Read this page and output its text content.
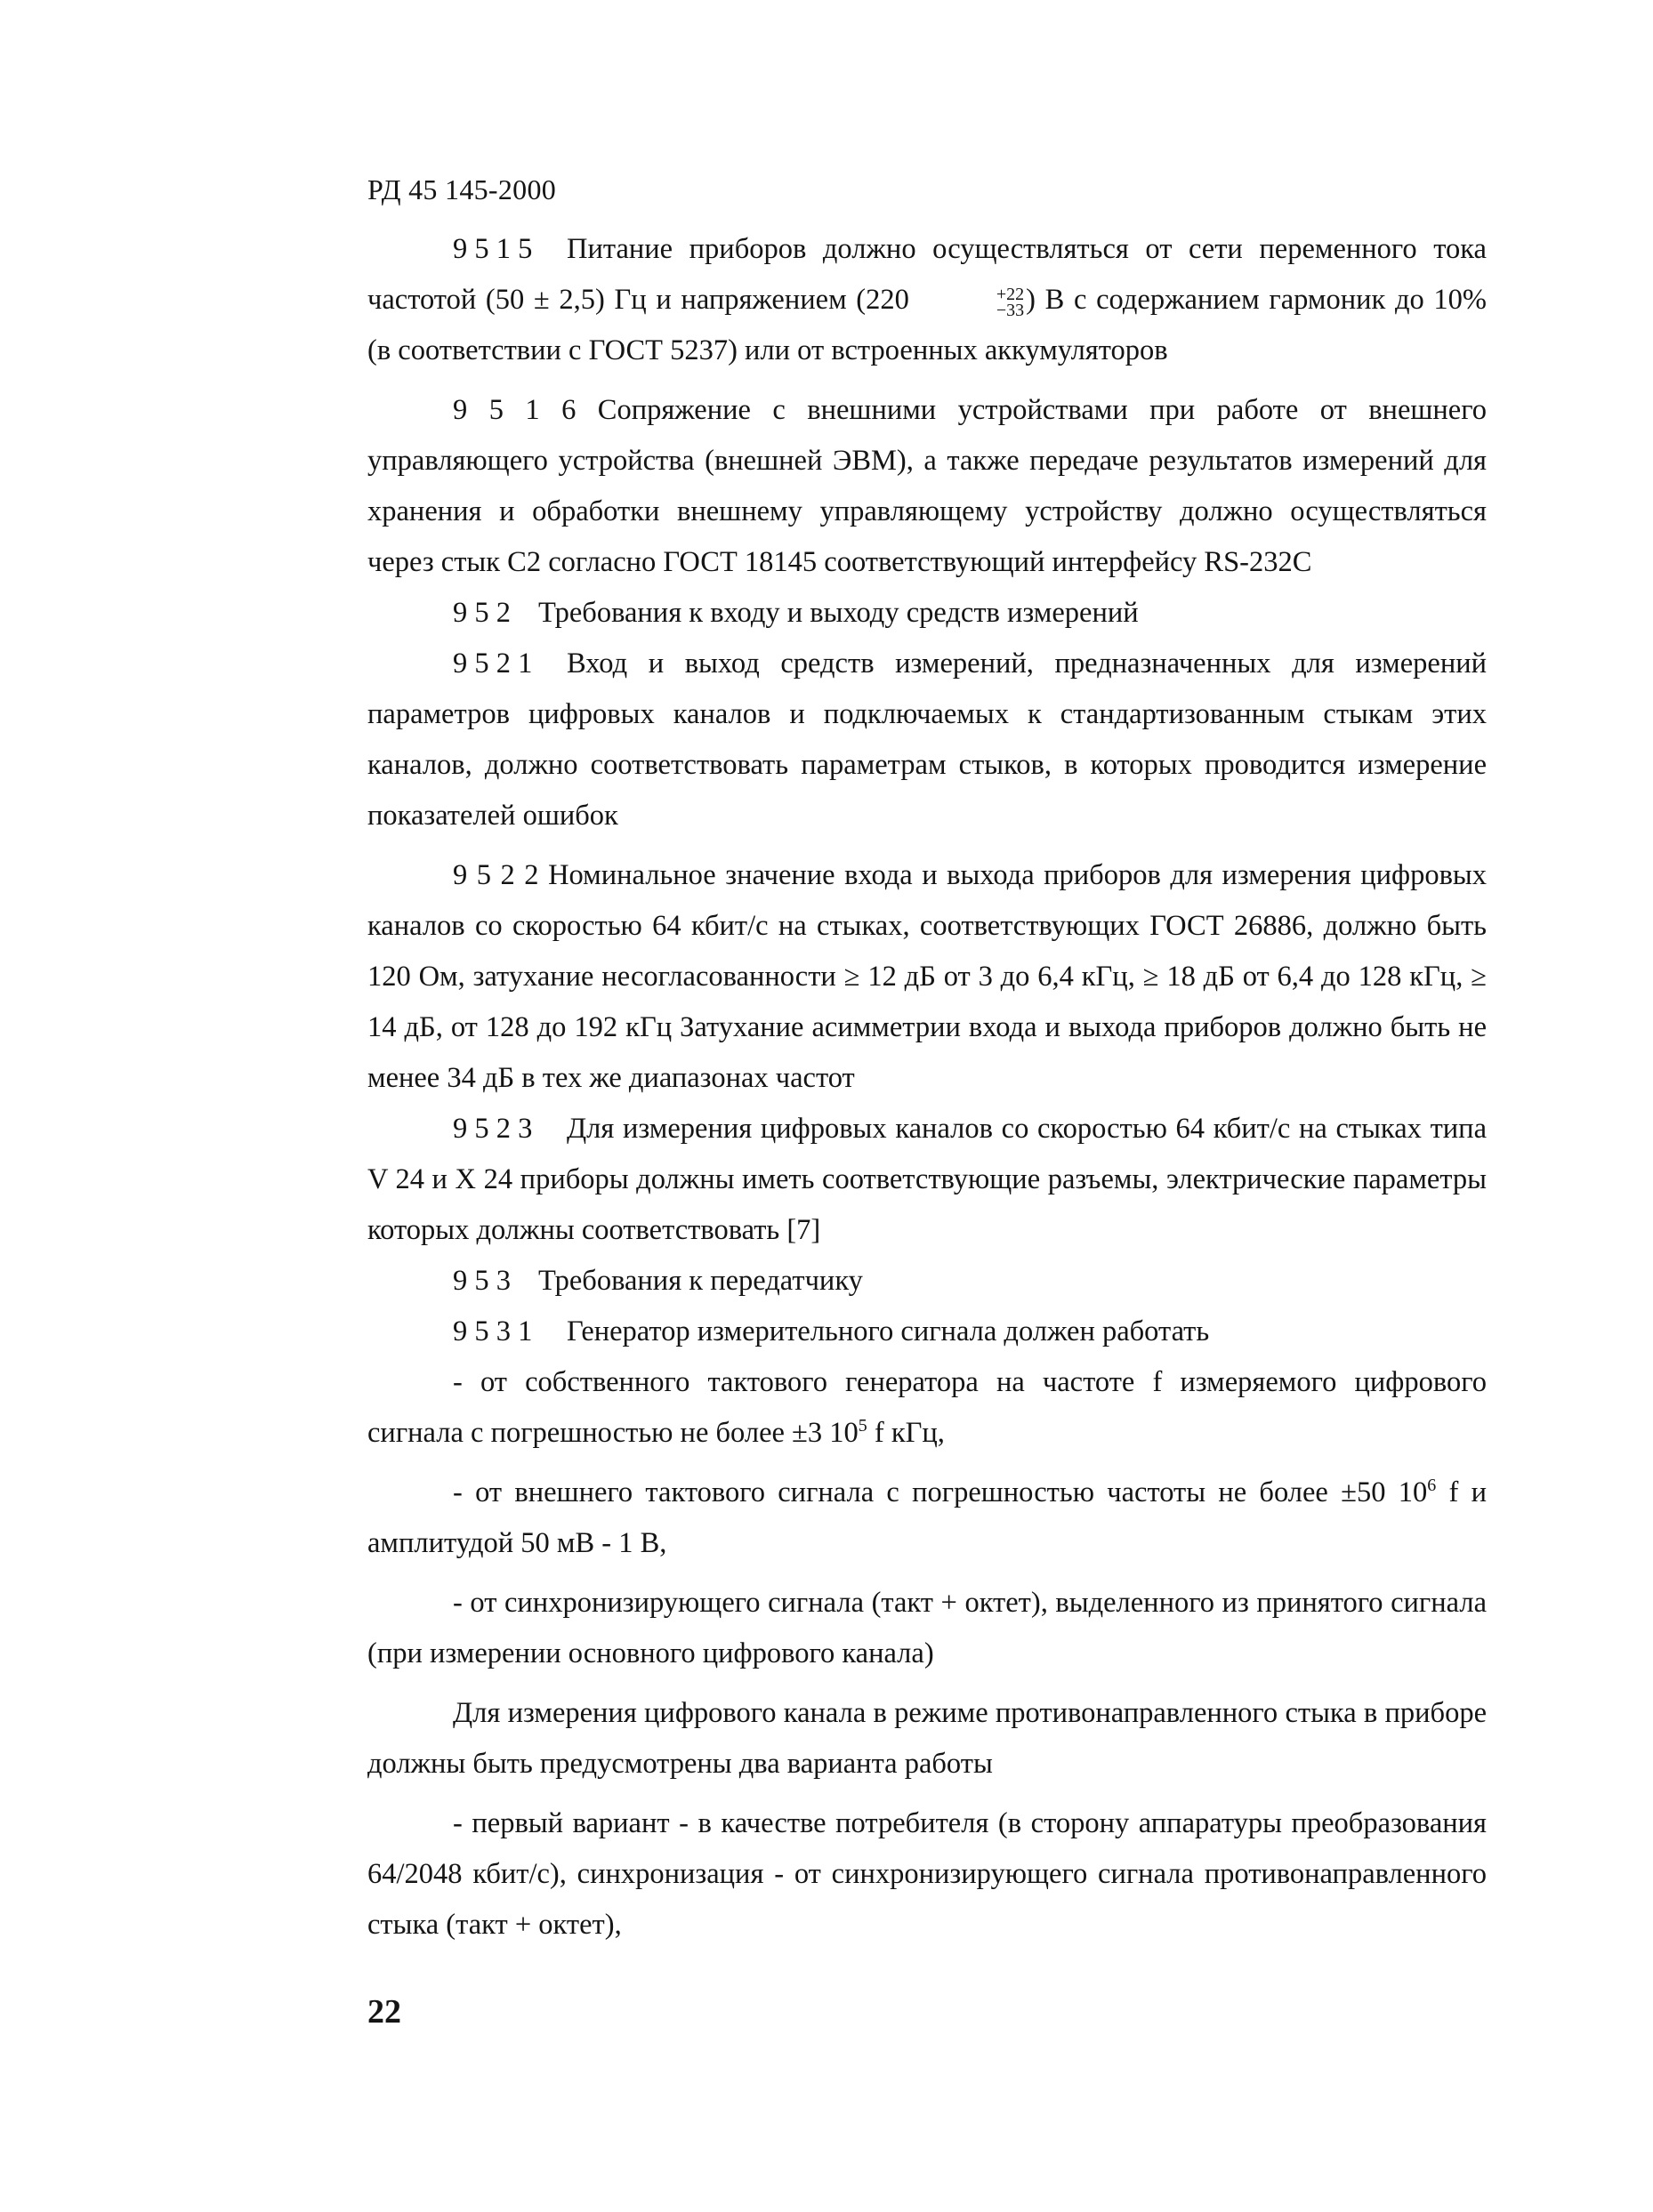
РД 45 145-2000

9 5 1 5 Питание приборов должно осуществляться от сети переменного тока частотой (50 ± 2,5) Гц и напряжением (220	+22
−33 ) В с содержанием гармоник до 10% (в соответствии с ГОСТ 5237) или от встроенных аккумуляторов

9 5 1 6 Сопряжение с внешними устройствами при работе от внешнего управляющего устройства (внешней ЭВМ), а также передаче результатов измерений для хранения и обработки внешнему управляющему устройству должно осуществляться через стык С2 согласно ГОСТ 18145 соответствующий интерфейсу RS-232C

9 5 2 Требования к входу и выходу средств измерений

9 5 2 1 Вход и выход средств измерений, предназначенных для измерений параметров цифровых каналов и подключаемых к стандартизованным стыкам этих каналов, должно соответствовать параметрам стыков, в которых проводится измерение показателей ошибок

9 5 2 2 Номинальное значение входа и выхода приборов для измерения цифровых каналов со скоростью 64 кбит/с на стыках, соответствующих ГОСТ 26886, должно быть 120 Ом, затухание несогласованности ≥ 12 дБ от 3 до 6,4 кГц, ≥ 18 дБ от 6,4 до 128 кГц, ≥ 14 дБ, от 128 до 192 кГц Затухание асимметрии входа и выхода приборов должно быть не менее 34 дБ в тех же диапазонах частот

9 5 2 3 Для измерения цифровых каналов со скоростью 64 кбит/с на стыках типа V 24 и X 24 приборы должны иметь соответствующие разъемы, электрические параметры которых должны соответствовать [7]

9 5 3 Требования к передатчику

9 5 3 1 Генератор измерительного сигнала должен работать

- от собственного тактового генератора на частоте f измеряемого цифрового сигнала с погрешностью не более ±3 $10^5$ f кГц,

- от внешнего тактового сигнала с погрешностью частоты не более ±50 $10^6$ f и амплитудой 50 мВ - 1 В,

- от синхронизирующего сигнала (такт + октет), выделенного из принятого сигнала (при измерении основного цифрового канала)

Для измерения цифрового канала в режиме противонаправленного стыка в приборе должны быть предусмотрены два варианта работы

- первый вариант - в качестве потребителя (в сторону аппаратуры преобразования 64/2048 кбит/с), синхронизация - от синхронизирующего сигнала противонаправленного стыка (такт + октет),

22
